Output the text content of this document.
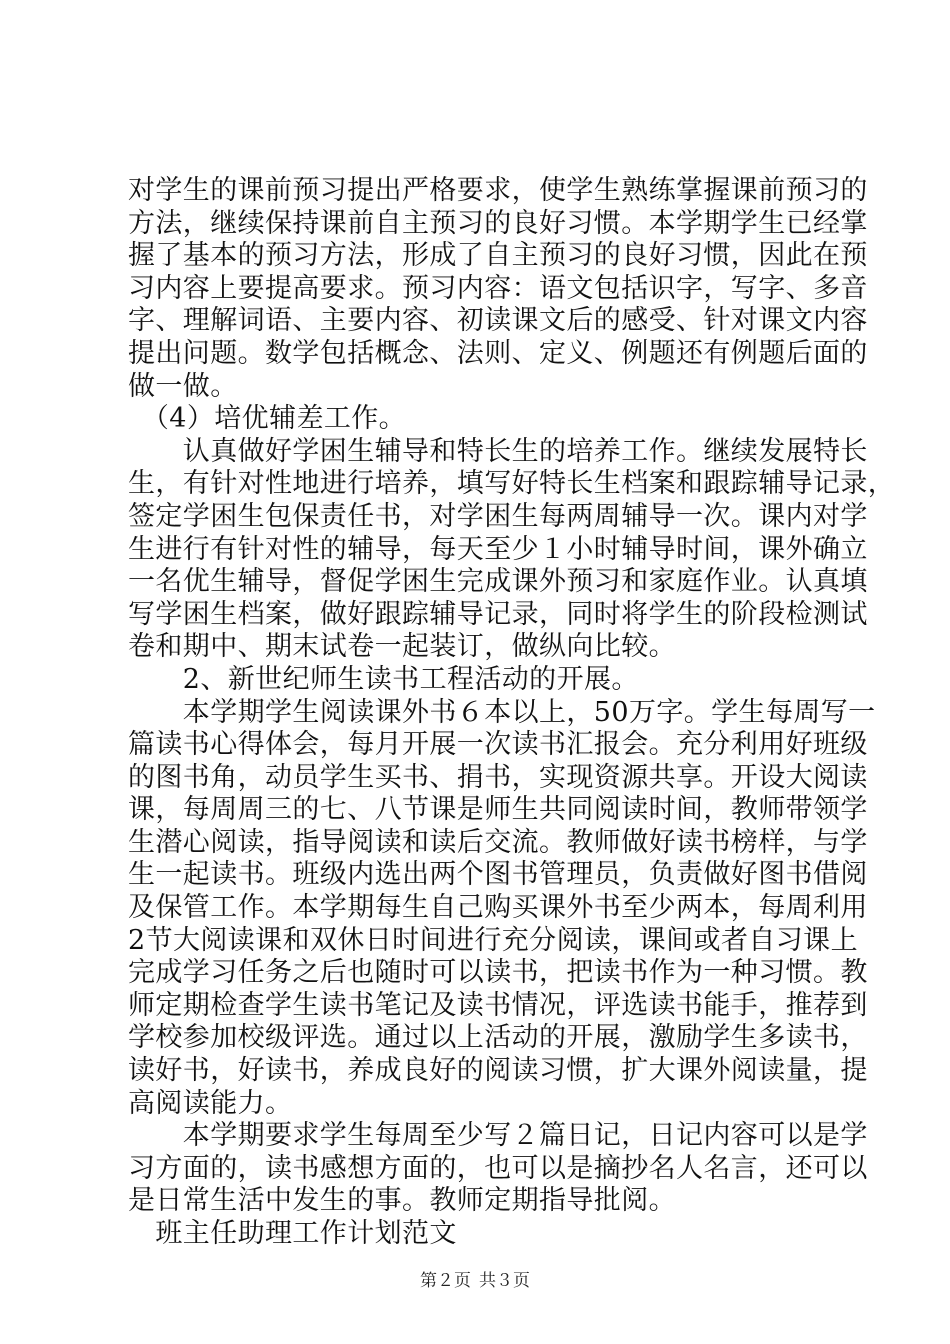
对学生的课前预习提出严格要求，使学生熟练掌握课前预习的
方法，继续保持课前自主预习的良好习惯。本学期学生已经掌
握了基本的预习方法，形成了自主预习的良好习惯，因此在预
习内容上要提高要求。预习内容：语文包括识字，写字、多音
字、理解词语、主要内容、初读课文后的感受、针对课文内容
提出问题。数学包括概念、法则、定义、例题还有例题后面的
做一做。
　（4）培优辅差工作。
　　认真做好学困生辅导和特长生的培养工作。继续发展特长
生，有针对性地进行培养，填写好特长生档案和跟踪辅导记录，
签定学困生包保责任书，对学困生每两周辅导一次。课内对学
生进行有针对性的辅导，每天至少１小时辅导时间，课外确立
一名优生辅导，督促学困生完成课外预习和家庭作业。认真填
写学困生档案，做好跟踪辅导记录，同时将学生的阶段检测试
卷和期中、期末试卷一起装订，做纵向比较。
　　2、新世纪师生读书工程活动的开展。
　　本学期学生阅读课外书６本以上，50万字。学生每周写一
篇读书心得体会，每月开展一次读书汇报会。充分利用好班级
的图书角，动员学生买书、捐书，实现资源共享。开设大阅读
课，每周周三的七、八节课是师生共同阅读时间，教师带领学
生潜心阅读，指导阅读和读后交流。教师做好读书榜样，与学
生一起读书。班级内选出两个图书管理员，负责做好图书借阅
及保管工作。本学期每生自己购买课外书至少两本，每周利用
2节大阅读课和双休日时间进行充分阅读，课间或者自习课上
完成学习任务之后也随时可以读书，把读书作为一种习惯。教
师定期检查学生读书笔记及读书情况，评选读书能手，推荐到
学校参加校级评选。通过以上活动的开展，激励学生多读书，
读好书，好读书，养成良好的阅读习惯，扩大课外阅读量，提
高阅读能力。
　　本学期要求学生每周至少写２篇日记，日记内容可以是学
习方面的，读书感想方面的，也可以是摘抄名人名言，还可以
是日常生活中发生的事。教师定期指导批阅。
　班主任助理工作计划范文
第２页 共３页
